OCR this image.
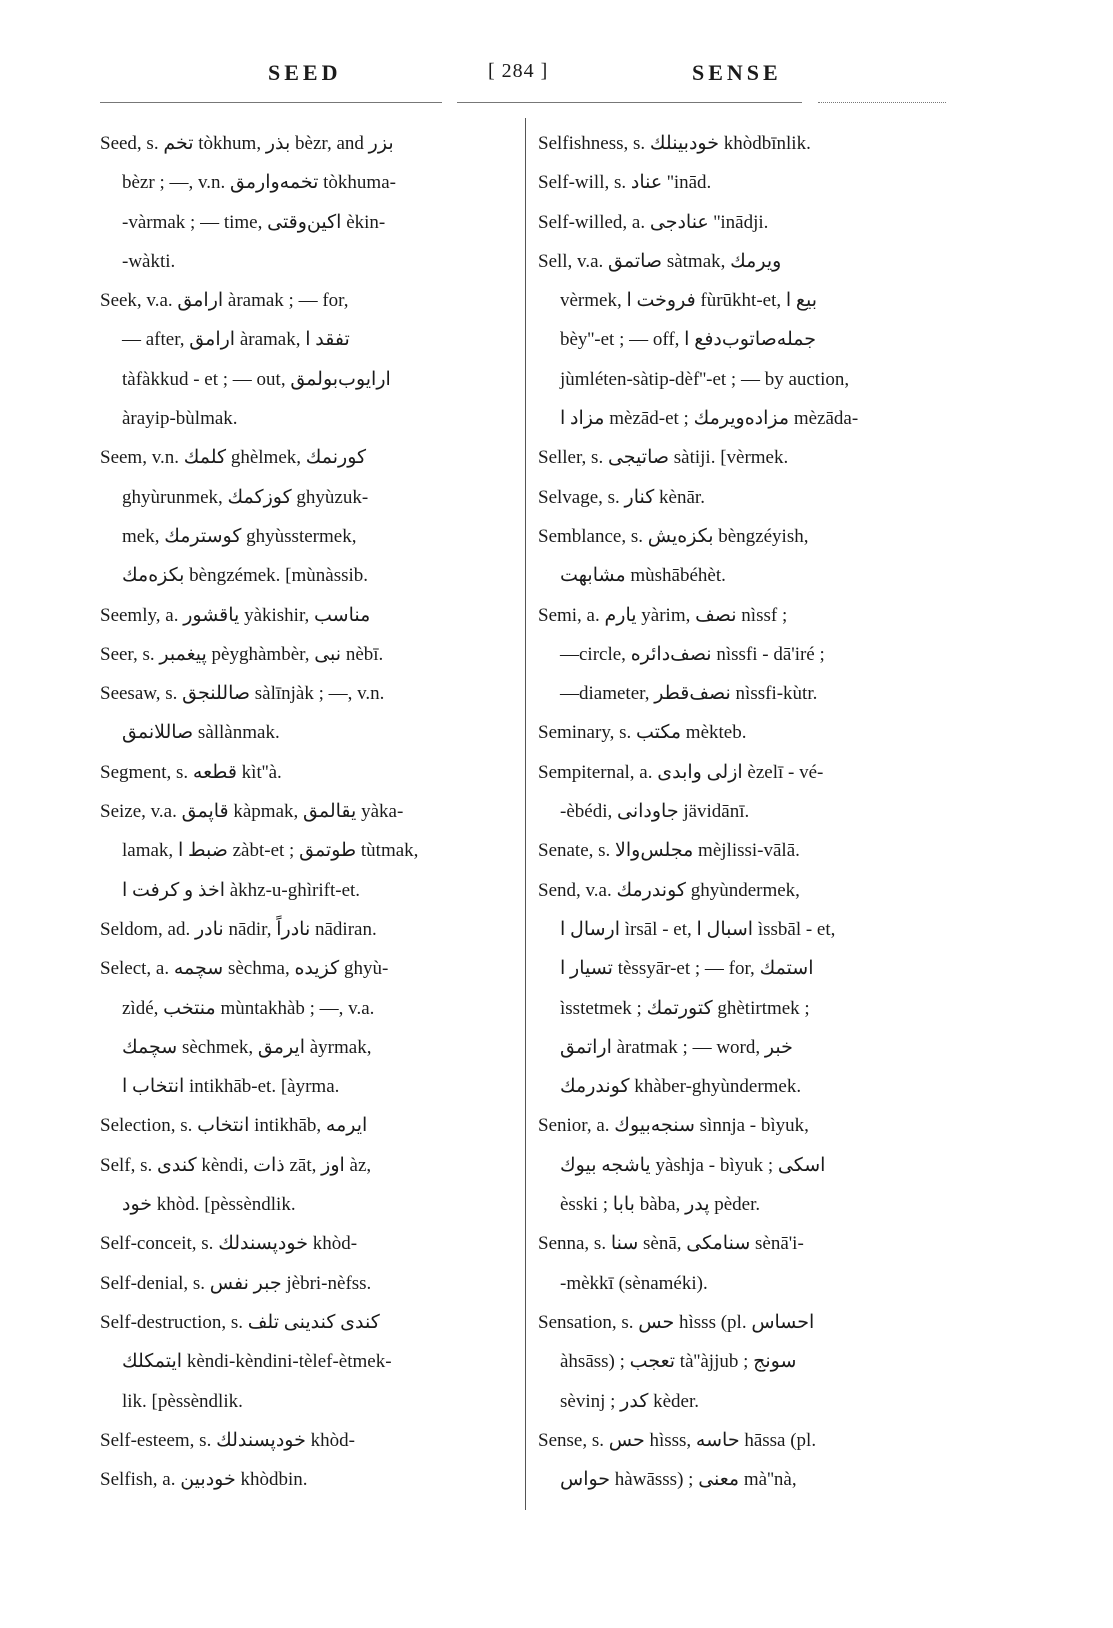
SEED	[ 284 ]	SENSE
Seed, s. تخم tòkhum, بذر bèzr, and بزر
bèzr ; —, v.n. تخمه‌وارمق tòkhuma-
-vàrmak ; — time, اکین‌وقتی èkin-
-wàkti.
Seek, v.a. ارامق àramak ; — for,
— after, ارامق àramak, تفقد ا
tàfàkkud - et ; — out, ارایوب‌بولمق
àrayip-bùlmak.
Seem, v.n. کلمك ghèlmek, کورنمك
ghyùrunmek, کوزکمك ghyùzuk-
mek, کوسترمك ghyùsstermek,
بکزه‌مك bèngzémek. [mùnàssib.
Seemly, a. یاقشور yàkishir, مناسب
Seer, s. پیغمبر pèyghàmbèr, نبی nèbī.
Seesaw, s. صاللنجق sàlīnjàk ; —, v.n.
صاللانمق sàllànmak.
Segment, s. قطعه kìt''à.
Seize, v.a. قاپمق kàpmak, یقالمق yàka-
lamak, ضبط ا zàbt-et ; طوتمق tùtmak,
اخذ و کرفت ا àkhz-u-ghìrift-et.
Seldom, ad. نادر nādir, نادراً nādiran.
Select, a. سچمه sèchma, کزیده ghyù-
zìdé, منتخب mùntakhàb ; —, v.a.
سچمك sèchmek, ایرمق àyrmak,
انتخاب ا intikhāb-et. [àyrma.
Selection, s. انتخاب intikhāb, ایرمه
Self, s. کندی kèndi, ذات zāt, اوز àz,
خود khòd. [pèssèndlik.
Self-conceit, s. خودپسندلك khòd-
Self-denial, s. جبر نفس jèbri-nèfss.
Self-destruction, s. کندی کندینی تلف
ایتمکلك kèndi-kèndini-tèlef-ètmek-
lik. [pèssèndlik.
Self-esteem, s. خودپسندلك khòd-
Selfish, a. خودبین khòdbin.
Selfishness, s. خودبینلك khòdbīnlik.
Self-will, s. عناد ''inād.
Self-willed, a. عنادجی ''inādji.
Sell, v.a. صاتمق sàtmak, ویرمك
vèrmek, فروخت ا fùrūkht-et, بیع ا
bèy''-et ; — off, جمله‌صاتوب‌دفع ا
jùmléten-sàtip-dèf''-et ; — by auction,
مزاد ا mèzād-et ; مزاده‌ویرمك mèzāda-
Seller, s. صاتیجی sàtiji. [vèrmek.
Selvage, s. کنار kènār.
Semblance, s. بکزه‌یش bèngzéyish,
مشابهت mùshābéhèt.
Semi, a. یارم yàrim, نصف nìssf ;
—circle, نصف‌دائره nìssfi - dā'iré ;
—diameter, نصف‌قطر nìssfi-kùtr.
Seminary, s. مکتب mèkteb.
Sempiternal, a. ازلی وابدی èzelī - vé-
-èbédi, جاودانی jävidānī.
Senate, s. مجلس‌والا mèjlissi-vālā.
Send, v.a. کوندرمك ghyùndermek,
ارسال ا ìrsāl - et, اسبال ا ìssbāl - et,
تسیار ا tèssyār-et ; — for, استمك
ìsstetmek ; کتورتمك ghètirtmek ;
اراتمق àratmak ; — word, خبر
کوندرمك khàber-ghyùndermek.
Senior, a. سنجه‌بیوك sìnnja - bìyuk,
یاشجه بیوك yàshja - bìyuk ; اسکی
èsski ; بابا bàba, پدر pèder.
Senna, s. سنا sènā, سنامکی sènā'i-
-mèkkī (sènaméki).
Sensation, s. حس hìsss (pl. احساس
àhsāss) ; تعجب tà''àjjub ; سونج
sèvinj ; کدر kèder.
Sense, s. حس hìsss, حاسه hāssa (pl.
حواس hàwāsss) ; معنی mà''nà,
